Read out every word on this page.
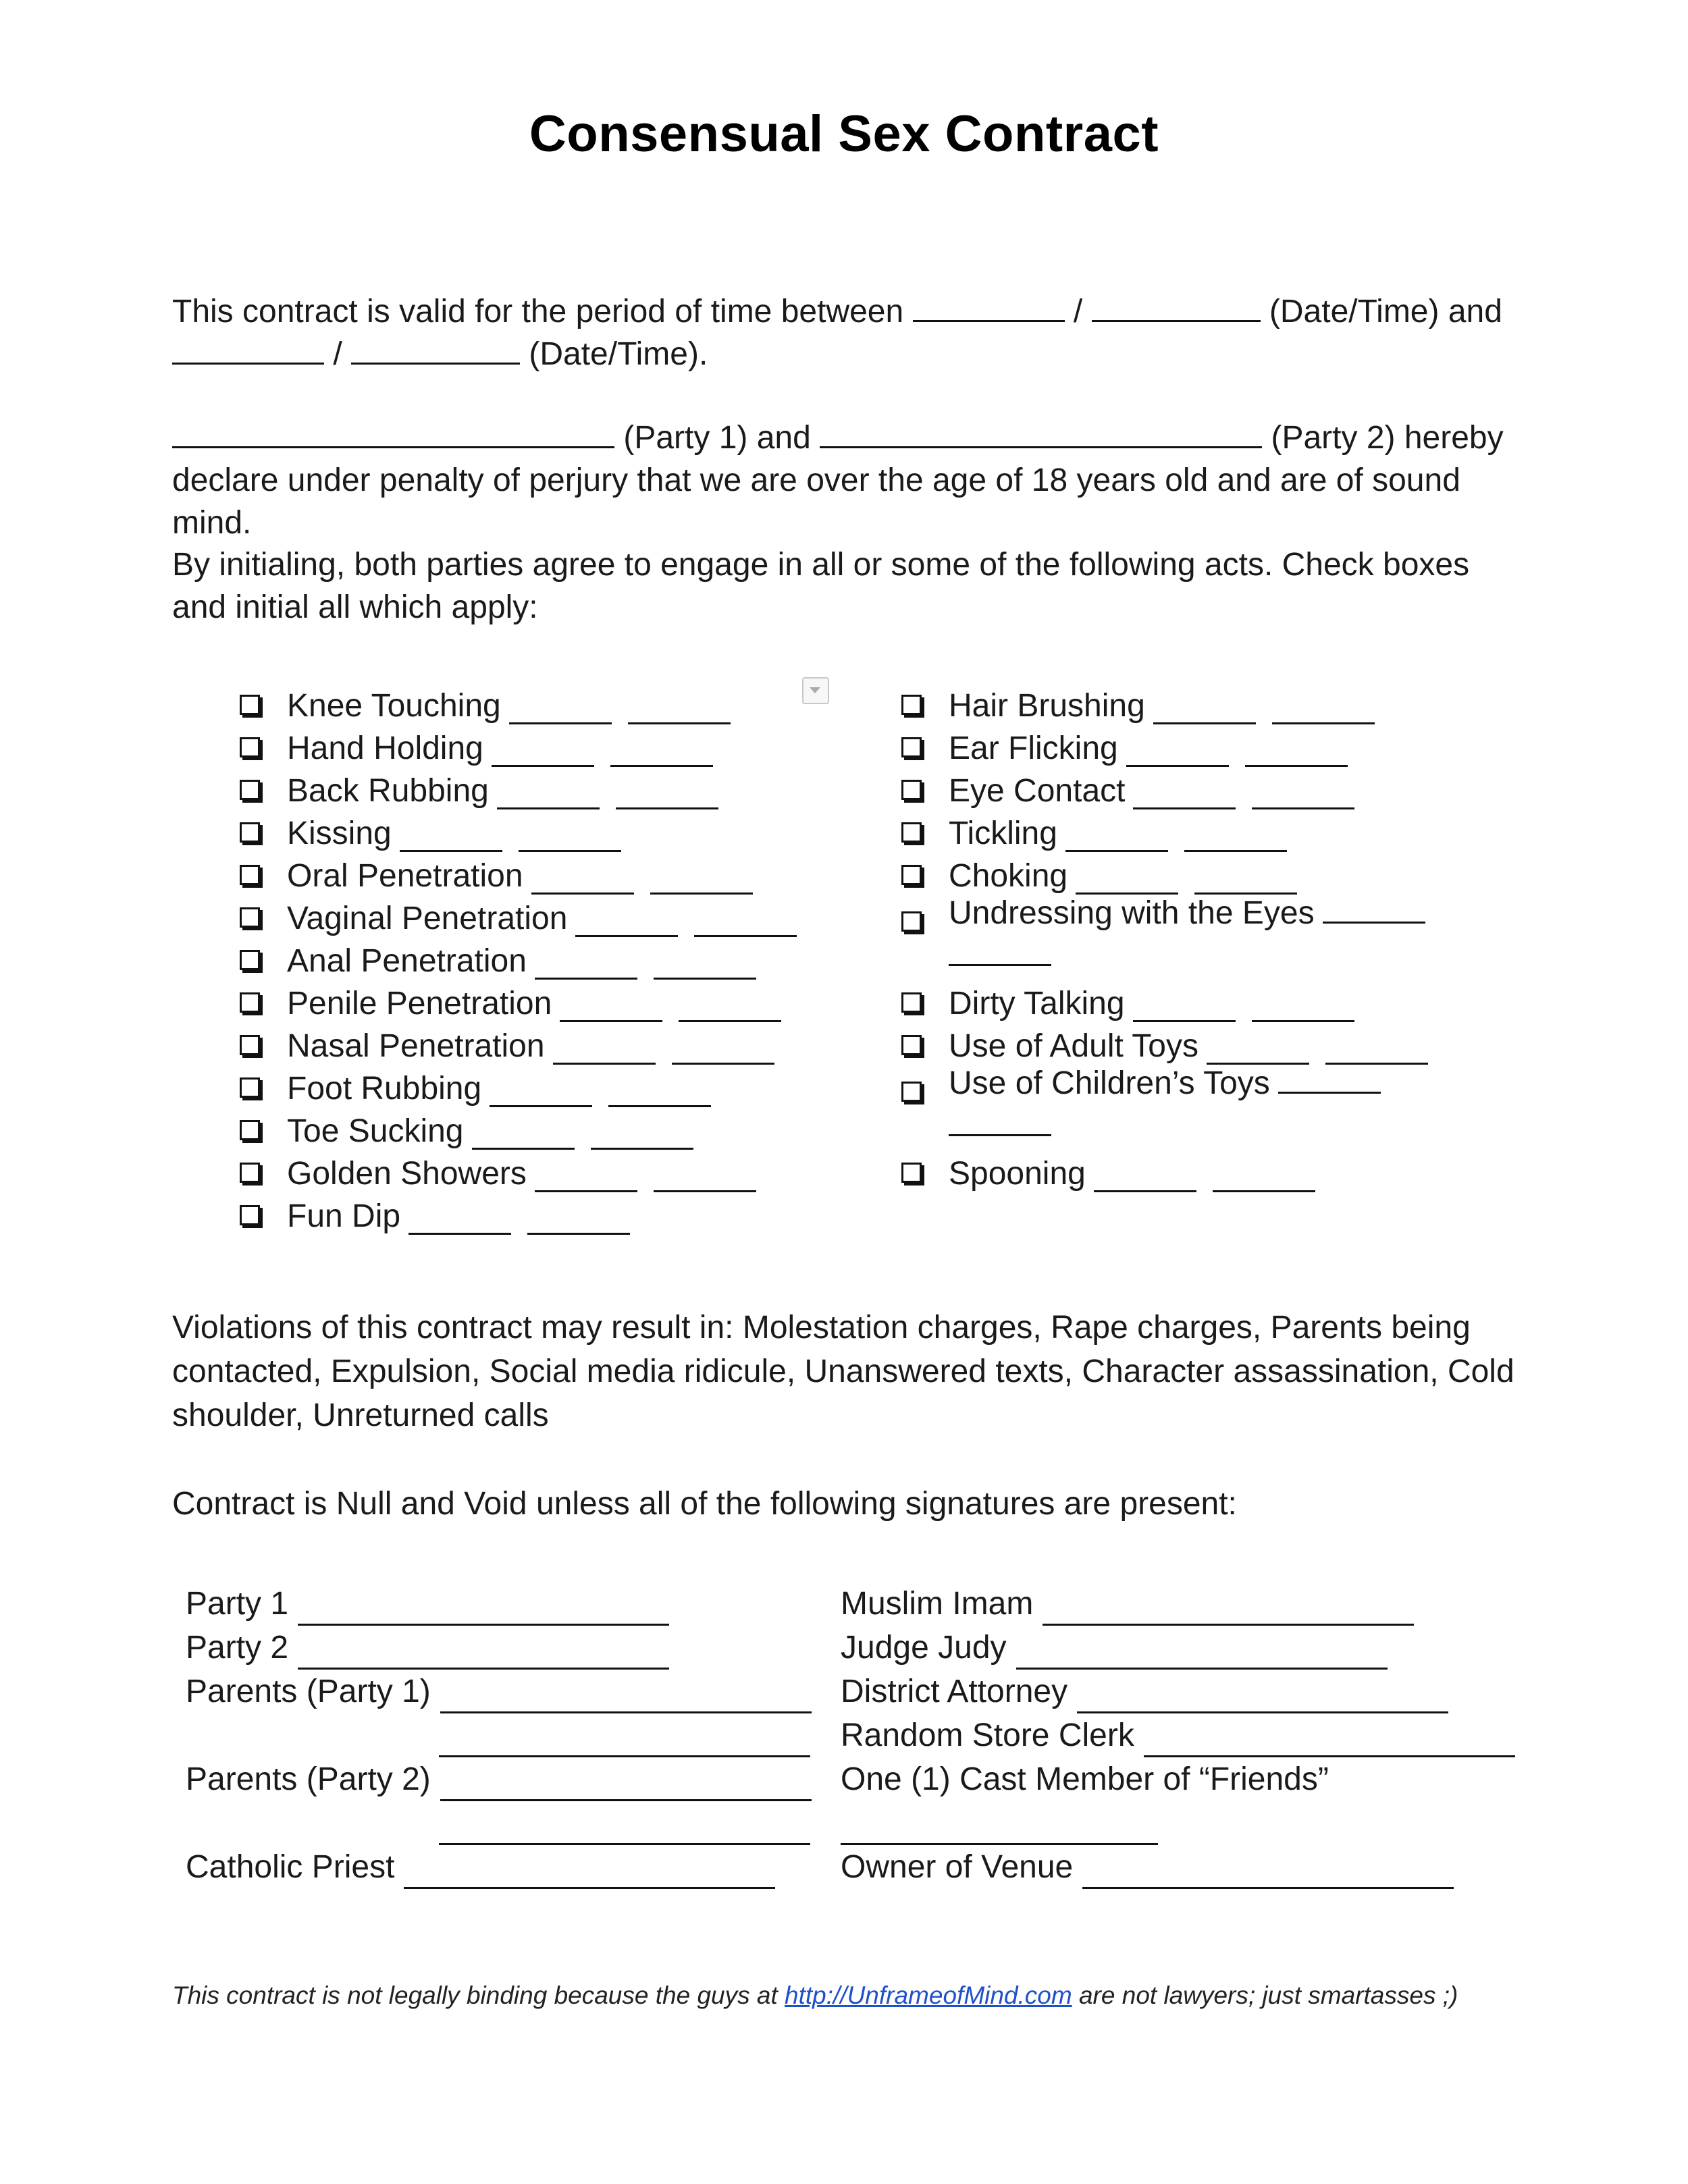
Consensual Sex Contract

This contract is valid for the period of time between	/	(Date/Time) and
/	(Date/Time).

(Party 1) and	(Party 2) hereby
declare under penalty of perjury that we are over the age of 18 years old and are of sound mind.

By initialing, both parties agree to engage in all or some of the following acts. Check boxes and initial all which apply:

Knee Touching
Hand Holding
Back Rubbing
Kissing
Oral Penetration
Vaginal Penetration
Anal Penetration
Penile Penetration
Nasal Penetration
Foot Rubbing
Toe Sucking
Golden Showers
Fun Dip
Hair Brushing
Ear Flicking
Eye Contact
Tickling
Choking
Undressing with the Eyes
Dirty Talking
Use of Adult Toys
Use of Children’s Toys
Spooning

Violations of this contract may result in: Molestation charges, Rape charges, Parents being contacted, Expulsion, Social media ridicule, Unanswered texts, Character assassination, Cold shoulder, Unreturned calls

Contract is Null and Void unless all of the following signatures are present:

Party 1
Party 2
Parents (Party 1)
Parents (Party 2)
Catholic Priest
Muslim Imam
Judge Judy
District Attorney
Random Store Clerk
One (1) Cast Member of “Friends”
Owner of Venue
This contract is not legally binding because the guys at http://UnframeofMind.com are not lawyers; just smartasses ;)
